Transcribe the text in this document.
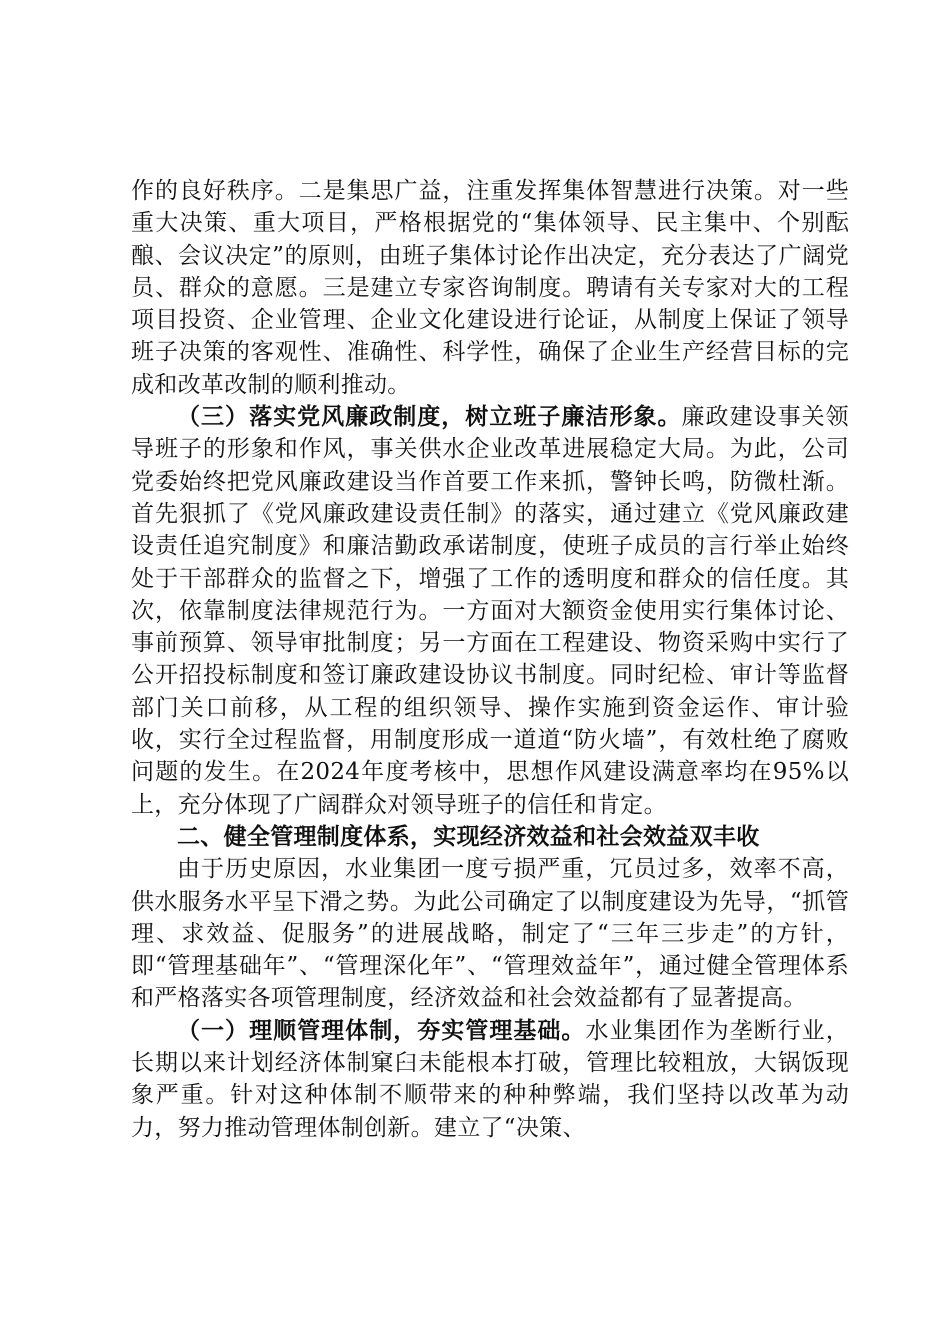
作的良好秩序。二是集思广益，注重发挥集体智慧进行决策。对一些重大决策、重大项目，严格根据党的“集体领导、民主集中、个别酝酿、会议决定”的原则，由班子集体讨论作出决定，充分表达了广阔党员、群众的意愿。三是建立专家咨询制度。聘请有关专家对大的工程项目投资、企业管理、企业文化建设进行论证，从制度上保证了领导班子决策的客观性、准确性、科学性，确保了企业生产经营目标的完成和改革改制的顺利推动。

（三）落实党风廉政制度，树立班子廉洁形象。廉政建设事关领导班子的形象和作风，事关供水企业改革进展稳定大局。为此，公司党委始终把党风廉政建设当作首要工作来抓，警钟长鸣，防微杜渐。首先狠抓了《党风廉政建设责任制》的落实，通过建立《党风廉政建设责任追究制度》和廉洁勤政承诺制度，使班子成员的言行举止始终处于干部群众的监督之下，增强了工作的透明度和群众的信任度。其次，依靠制度法律规范行为。一方面对大额资金使用实行集体讨论、事前预算、领导审批制度；另一方面在工程建设、物资采购中实行了公开招投标制度和签订廉政建设协议书制度。同时纪检、审计等监督部门关口前移，从工程的组织领导、操作实施到资金运作、审计验收，实行全过程监督，用制度形成一道道“防火墙”，有效杜绝了腐败问题的发生。在2024年度考核中，思想作风建设满意率均在95%以上，充分体现了广阔群众对领导班子的信任和肯定。

二、健全管理制度体系，实现经济效益和社会效益双丰收

由于历史原因，水业集团一度亏损严重，冗员过多，效率不高，供水服务水平呈下滑之势。为此公司确定了以制度建设为先导，“抓管理、求效益、促服务”的进展战略，制定了“三年三步走”的方针，即“管理基础年”、“管理深化年”、“管理效益年”，通过健全管理体系和严格落实各项管理制度，经济效益和社会效益都有了显著提高。

（一）理顺管理体制，夯实管理基础。水业集团作为垄断行业，长期以来计划经济体制窠臼未能根本打破，管理比较粗放，大锅饭现象严重。针对这种体制不顺带来的种种弊端，我们坚持以改革为动力，努力推动管理体制创新。建立了“决策、
